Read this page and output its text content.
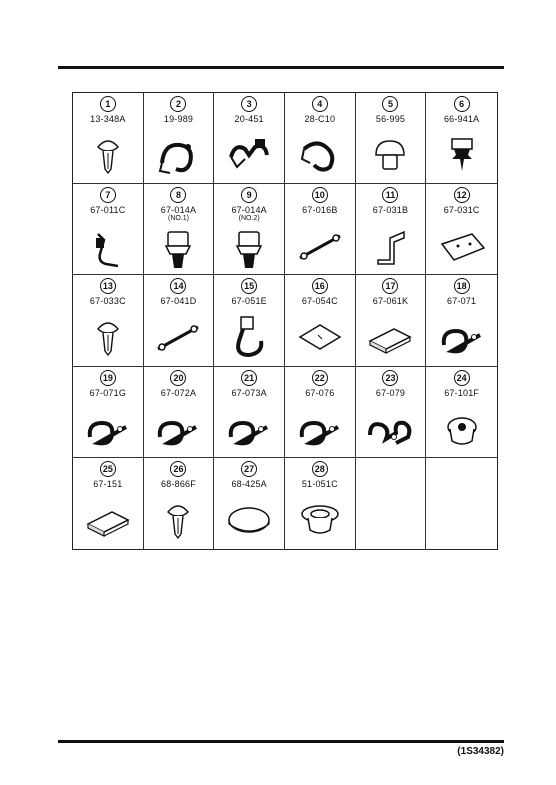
1
13-348A
2
19-989
3
20-451
4
28-C10
5
56-995
6
66-941A
7
67-011C
8
67-014A
(NO.1)
9
67-014A
(NO.2)
10
67-016B
11
67-031B
12
67-031C
13
67-033C
14
67-041D
15
67-051E
16
67-054C
17
67-061K
18
67-071
19
67-071G
20
67-072A
21
67-073A
22
67-076
23
67-079
24
67-101F
25
67-151
26
68-866F
27
68-425A
28
51-051C
(1S34382)
